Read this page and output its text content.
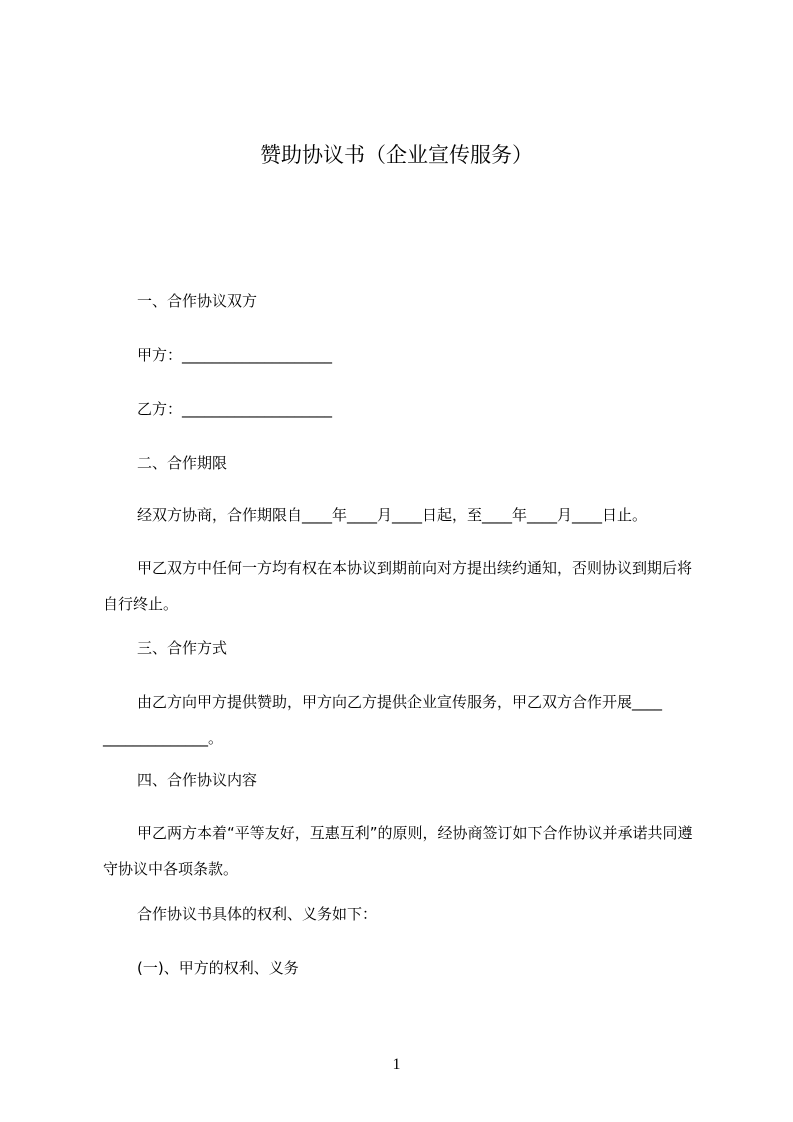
赞助协议书（企业宣传服务）
一、合作协议双方
甲方：____________________
乙方：____________________
二、合作期限
经双方协商，合作期限自____年____月____日起，至____年____月____日止。
甲乙双方中任何一方均有权在本协议到期前向对方提出续约通知，否则协议到期后将自行终止。
三、合作方式
由乙方向甲方提供赞助，甲方向乙方提供企业宣传服务，甲乙双方合作开展____ ______________。
四、合作协议内容
甲乙两方本着“平等友好，互惠互利”的原则，经协商签订如下合作协议并承诺共同遵守协议中各项条款。
合作协议书具体的权利、义务如下：
(一)、甲方的权利、义务
1
